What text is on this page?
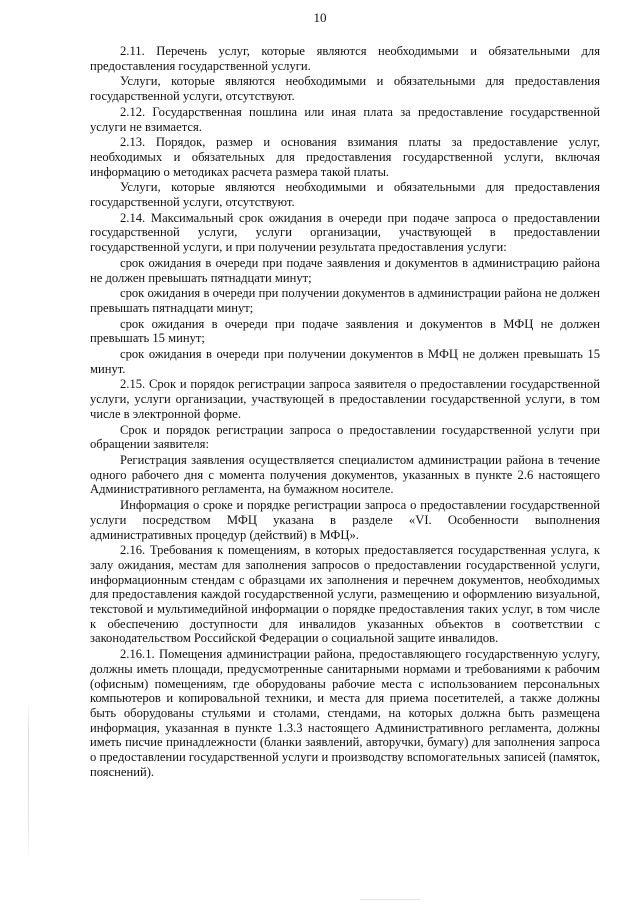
10

2.11. Перечень услуг, которые являются необходимыми и обязательными для предоставления государственной услуги.

Услуги, которые являются необходимыми и обязательными для предоставления государственной услуги, отсутствуют.

2.12. Государственная пошлина или иная плата за предоставление государственной услуги не взимается.

2.13. Порядок, размер и основания взимания платы за предоставление услуг, необходимых и обязательных для предоставления государственной услуги, включая информацию о методиках расчета размера такой платы.

Услуги, которые являются необходимыми и обязательными для предоставления государственной услуги, отсутствуют.

2.14. Максимальный срок ожидания в очереди при подаче запроса о предоставлении государственной услуги, услуги организации, участвующей в предоставлении государственной услуги, и при получении результата предоставления услуги:

срок ожидания в очереди при подаче заявления и документов в администрацию района не должен превышать пятнадцати минут;

срок ожидания в очереди при получении документов в администрации района не должен превышать пятнадцати минут;

срок ожидания в очереди при подаче заявления и документов в МФЦ не должен превышать 15 минут;

срок ожидания в очереди при получении документов в МФЦ не должен превышать 15 минут.

2.15. Срок и порядок регистрации запроса заявителя о предоставлении государственной услуги, услуги организации, участвующей в предоставлении государственной услуги, в том числе в электронной форме.

Срок и порядок регистрации запроса о предоставлении государственной услуги при обращении заявителя:

Регистрация заявления осуществляется специалистом администрации района в течение одного рабочего дня с момента получения документов, указанных в пункте 2.6 настоящего Административного регламента, на бумажном носителе.

Информация о сроке и порядке регистрации запроса о предоставлении государственной услуги посредством МФЦ указана в разделе «VI. Особенности выполнения административных процедур (действий) в МФЦ».

2.16. Требования к помещениям, в которых предоставляется государственная услуга, к залу ожидания, местам для заполнения запросов о предоставлении государственной услуги, информационным стендам с образцами их заполнения и перечнем документов, необходимых для предоставления каждой государственной услуги, размещению и оформлению визуальной, текстовой и мультимедийной информации о порядке предоставления таких услуг, в том числе к обеспечению доступности для инвалидов указанных объектов в соответствии с законодательством Российской Федерации о социальной защите инвалидов.

2.16.1. Помещения администрации района, предоставляющего государственную услугу, должны иметь площади, предусмотренные санитарными нормами и требованиями к рабочим (офисным) помещениям, где оборудованы рабочие места с использованием персональных компьютеров и копировальной техники, и места для приема посетителей, а также должны быть оборудованы стульями и столами, стендами, на которых должна быть размещена информация, указанная в пункте 1.3.3 настоящего Административного регламента, должны иметь писчие принадлежности (бланки заявлений, авторучки, бумагу) для заполнения запроса о предоставлении государственной услуги и производству вспомогательных записей (памяток, пояснений).
